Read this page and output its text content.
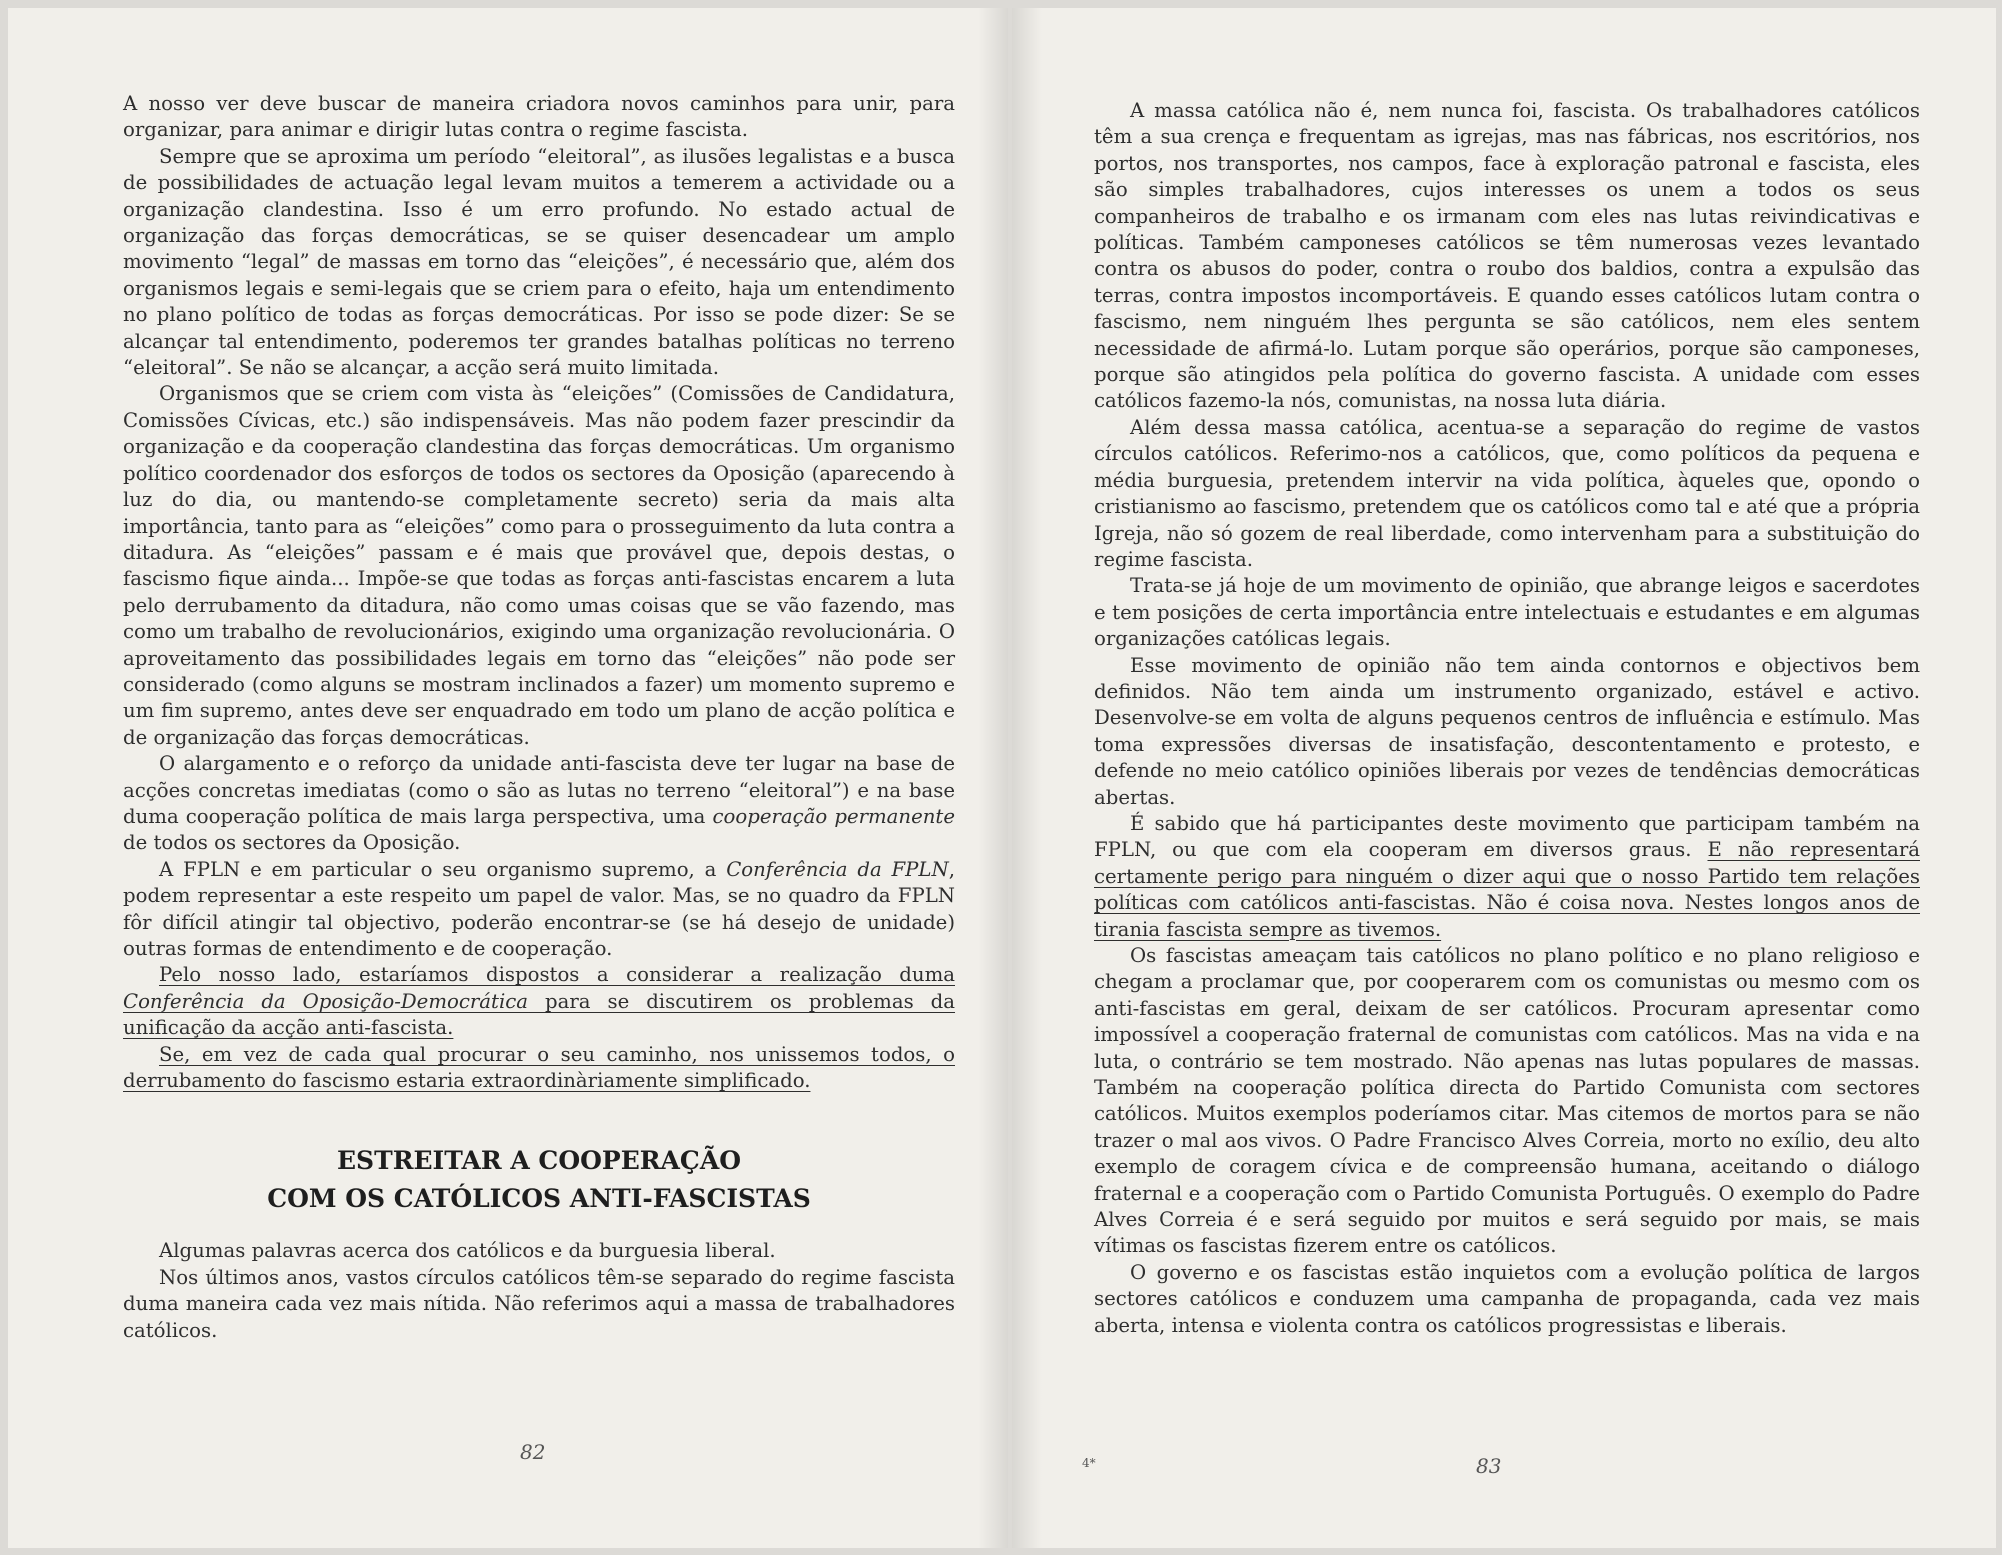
A nosso ver deve buscar de maneira criadora novos caminhos para unir, para organizar, para animar e dirigir lutas contra o regime fascista.

Sempre que se aproxima um período “eleitoral”, as ilusões legalistas e a busca de possibilidades de actuação legal levam muitos a temerem a actividade ou a organização clandestina. Isso é um erro profundo. No estado actual de organização das forças democráticas, se se quiser desencadear um amplo movimento “legal” de massas em torno das “eleições”, é necessário que, além dos organismos legais e semi-legais que se criem para o efeito, haja um entendimento no plano político de todas as forças democráticas. Por isso se pode dizer: Se se alcançar tal entendimento, poderemos ter grandes batalhas políticas no terreno “eleitoral”. Se não se alcançar, a acção será muito limitada.

Organismos que se criem com vista às “eleições” (Comissões de Candidatura, Comissões Cívicas, etc.) são indispensáveis. Mas não podem fazer prescindir da organização e da cooperação clandestina das forças democráticas. Um organismo político coordenador dos esforços de todos os sectores da Oposição (aparecendo à luz do dia, ou mantendo-se completamente secreto) seria da mais alta importância, tanto para as “eleições” como para o prosseguimento da luta contra a ditadura. As “eleições” passam e é mais que provável que, depois destas, o fascismo fique ainda... Impõe-se que todas as forças anti-fascistas encarem a luta pelo derrubamento da ditadura, não como umas coisas que se vão fazendo, mas como um trabalho de revolucionários, exigindo uma organização revolucionária. O aproveitamento das possibilidades legais em torno das “eleições” não pode ser considerado (como alguns se mostram inclinados a fazer) um momento supremo e um fim supremo, antes deve ser enquadrado em todo um plano de acção política e de organização das forças democráticas.

O alargamento e o reforço da unidade anti-fascista deve ter lugar na base de acções concretas imediatas (como o são as lutas no terreno “eleitoral”) e na base duma cooperação política de mais larga perspectiva, uma cooperação permanente de todos os sectores da Oposição.

A FPLN e em particular o seu organismo supremo, a Conferência da FPLN, podem representar a este respeito um papel de valor. Mas, se no quadro da FPLN fôr difícil atingir tal objectivo, poderão encontrar-se (se há desejo de unidade) outras formas de entendimento e de cooperação.

Pelo nosso lado, estaríamos dispostos a considerar a realização duma Conferência da Oposição-Democrática para se discutirem os problemas da unificação da acção anti-fascista.

Se, em vez de cada qual procurar o seu caminho, nos unissemos todos, o derrubamento do fascismo estaria extraordinàriamente simplificado.

ESTREITAR A COOPERAÇÃO
COM OS CATÓLICOS ANTI-FASCISTAS

Algumas palavras acerca dos católicos e da burguesia liberal.

Nos últimos anos, vastos círculos católicos têm-se separado do regime fascista duma maneira cada vez mais nítida. Não referimos aqui a massa de trabalhadores católicos.

82

A massa católica não é, nem nunca foi, fascista. Os trabalhadores católicos têm a sua crença e frequentam as igrejas, mas nas fábricas, nos escritórios, nos portos, nos transportes, nos campos, face à exploração patronal e fascista, eles são simples trabalhadores, cujos interesses os unem a todos os seus companheiros de trabalho e os irmanam com eles nas lutas reivindicativas e políticas. Também camponeses católicos se têm numerosas vezes levantado contra os abusos do poder, contra o roubo dos baldios, contra a expulsão das terras, contra impostos incomportáveis. E quando esses católicos lutam contra o fascismo, nem ninguém lhes pergunta se são católicos, nem eles sentem necessidade de afirmá-lo. Lutam porque são operários, porque são camponeses, porque são atingidos pela política do governo fascista. A unidade com esses católicos fazemo-la nós, comunistas, na nossa luta diária.

Além dessa massa católica, acentua-se a separação do regime de vastos círculos católicos. Referimo-nos a católicos, que, como políticos da pequena e média burguesia, pretendem intervir na vida política, àqueles que, opondo o cristianismo ao fascismo, pretendem que os católicos como tal e até que a própria Igreja, não só gozem de real liberdade, como intervenham para a substituição do regime fascista.

Trata-se já hoje de um movimento de opinião, que abrange leigos e sacerdotes e tem posições de certa importância entre intelectuais e estudantes e em algumas organizações católicas legais.

Esse movimento de opinião não tem ainda contornos e objectivos bem definidos. Não tem ainda um instrumento organizado, estável e activo. Desenvolve-se em volta de alguns pequenos centros de influência e estímulo. Mas toma expressões diversas de insatisfação, descontentamento e protesto, e defende no meio católico opiniões liberais por vezes de tendências democráticas abertas.

É sabido que há participantes deste movimento que participam também na FPLN, ou que com ela cooperam em diversos graus. E não representará certamente perigo para ninguém o dizer aqui que o nosso Partido tem relações políticas com católicos anti-fascistas. Não é coisa nova. Nestes longos anos de tirania fascista sempre as tivemos.

Os fascistas ameaçam tais católicos no plano político e no plano religioso e chegam a proclamar que, por cooperarem com os comunistas ou mesmo com os anti-fascistas em geral, deixam de ser católicos. Procuram apresentar como impossível a cooperação fraternal de comunistas com católicos. Mas na vida e na luta, o contrário se tem mostrado. Não apenas nas lutas populares de massas. Também na cooperação política directa do Partido Comunista com sectores católicos. Muitos exemplos poderíamos citar. Mas citemos de mortos para se não trazer o mal aos vivos. O Padre Francisco Alves Correia, morto no exílio, deu alto exemplo de coragem cívica e de compreensão humana, aceitando o diálogo fraternal e a cooperação com o Partido Comunista Português. O exemplo do Padre Alves Correia é e será seguido por muitos e será seguido por mais, se mais vítimas os fascistas fizerem entre os católicos.

O governo e os fascistas estão inquietos com a evolução política de largos sectores católicos e conduzem uma campanha de propaganda, cada vez mais aberta, intensa e violenta contra os católicos progressistas e liberais.

4*	83
